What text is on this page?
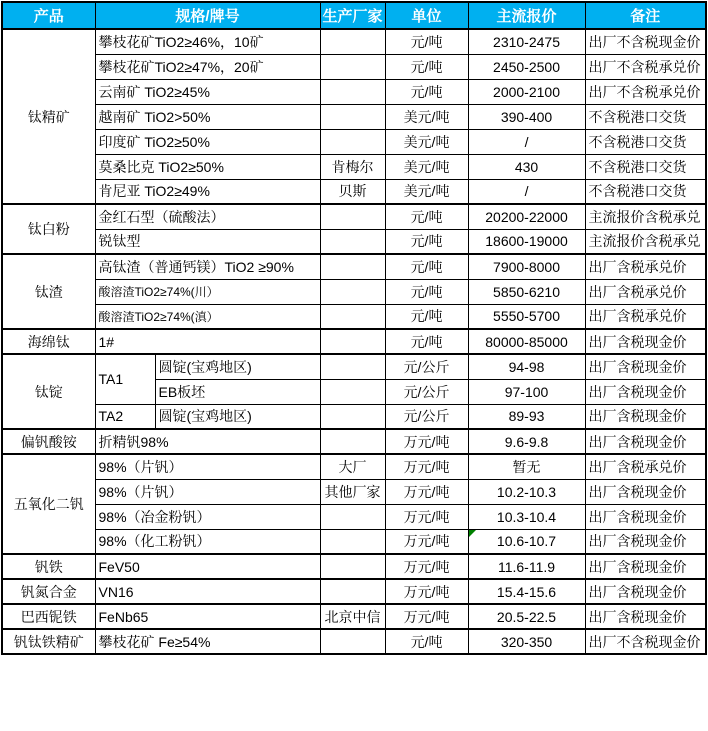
产品	规格/牌号		生产厂家	单位	主流报价	备注
钛精矿	攀枝花矿TiO2≥46%，10矿			元/吨	2310-2475	出厂不含税现金价
	攀枝花矿TiO2≥47%，20矿			元/吨	2450-2500	出厂不含税承兑价
	云南矿 TiO2≥45%			元/吨	2000-2100	出厂不含税承兑价
	越南矿 TiO2>50%			美元/吨	390-400	不含税港口交货
	印度矿 TiO2≥50%			美元/吨	/	不含税港口交货
	莫桑比克 TiO2≥50%		肯梅尔	美元/吨	430	不含税港口交货
	肯尼亚 TiO2≥49%		贝斯	美元/吨	/	不含税港口交货
钛白粉	金红石型（硫酸法）			元/吨	20200-22000	主流报价含税承兑
	锐钛型			元/吨	18600-19000	主流报价含税承兑
钛渣	高钛渣（普通钙镁）TiO2 ≥90%			元/吨	7900-8000	出厂含税承兑价
	酸溶渣TiO2≥74%(川）			元/吨	5850-6210	出厂含税承兑价
	酸溶渣TiO2≥74%(滇）			元/吨	5550-5700	出厂含税承兑价
海绵钛	1#			元/吨	80000-85000	出厂含税现金价
钛锭	TA1	圆锭(宝鸡地区)		元/公斤	94-98	出厂含税现金价
		EB板坯		元/公斤	97-100	出厂含税现金价
	TA2	圆锭(宝鸡地区)		元/公斤	89-93	出厂含税现金价
偏钒酸铵	折精钒98%			万元/吨	9.6-9.8	出厂含税现金价
五氧化二钒	98%（片钒）		大厂	万元/吨	暂无	出厂含税承兑价
	98%（片钒）		其他厂家	万元/吨	10.2-10.3	出厂含税现金价
	98%（冶金粉钒）			万元/吨	10.3-10.4	出厂含税现金价
	98%（化工粉钒）			万元/吨	10.6-10.7	出厂含税现金价
钒铁	FeV50			万元/吨	11.6-11.9	出厂含税现金价
钒氮合金	VN16			万元/吨	15.4-15.6	出厂含税现金价
巴西铌铁	FeNb65		北京中信	万元/吨	20.5-22.5	出厂含税现金价
钒钛铁精矿	攀枝花矿 Fe≥54%			元/吨	320-350	出厂不含税现金价
